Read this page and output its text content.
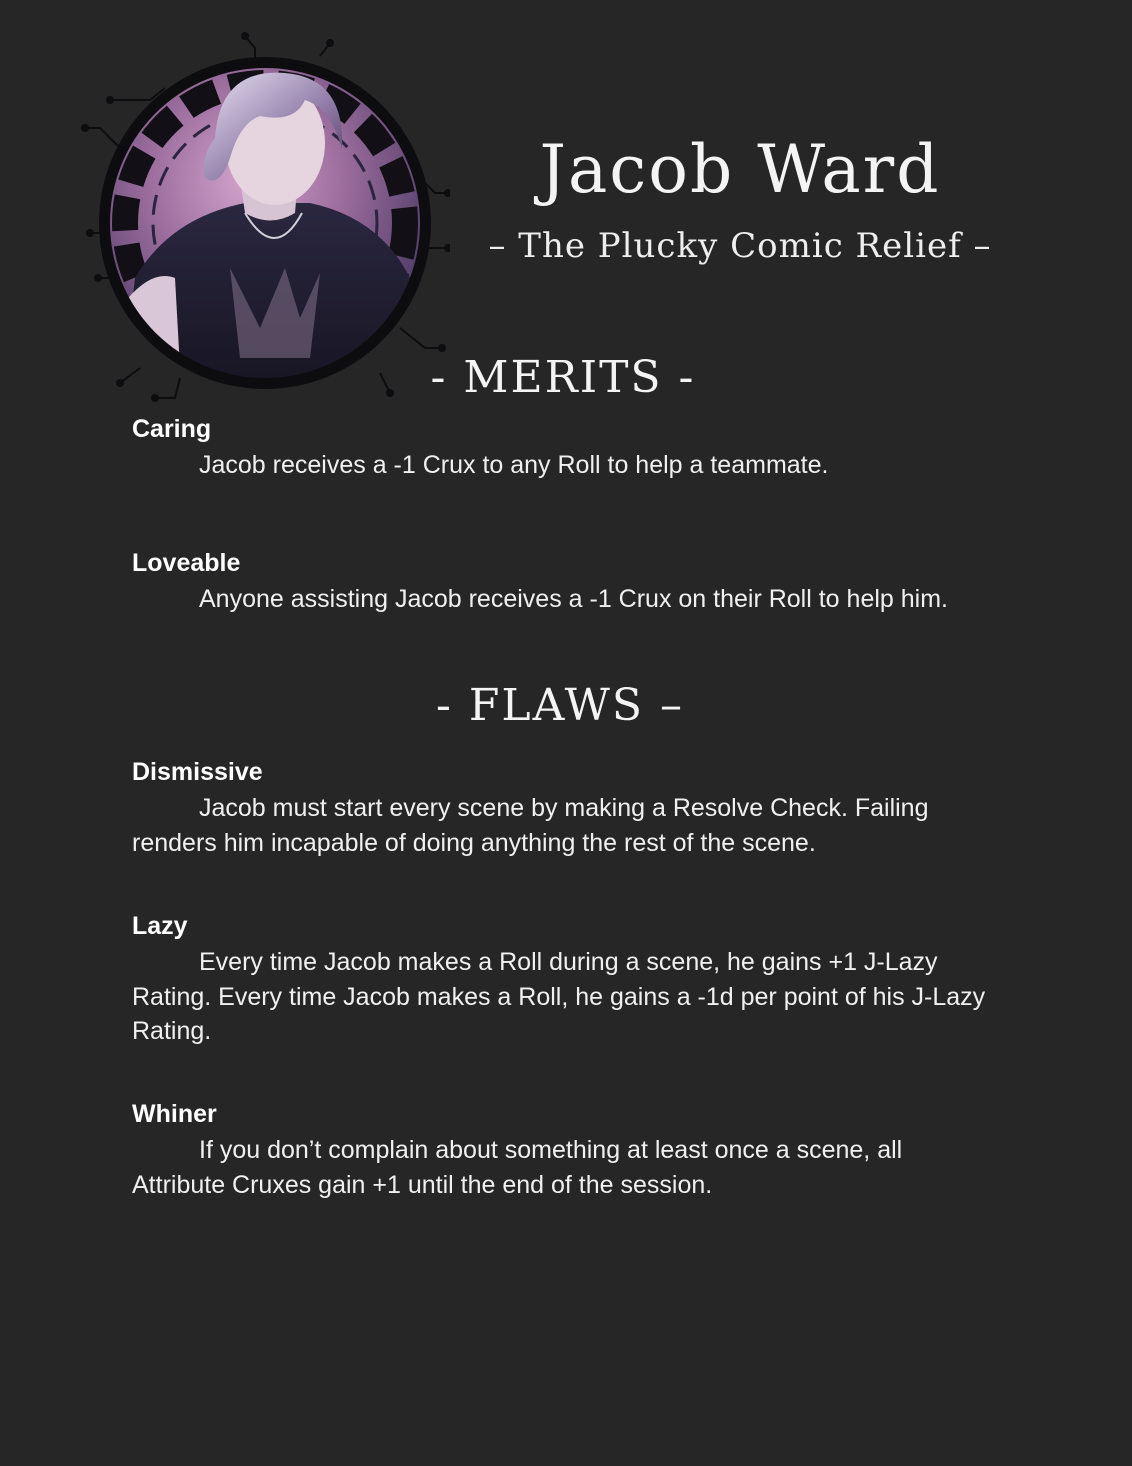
Jacob Ward
– The Plucky Comic Relief –
- MERITS -

Caring

Jacob receives a -1 Crux to any Roll to help a teammate.

Loveable

Anyone assisting Jacob receives a -1 Crux on their Roll to help him.

- FLAWS –

Dismissive

Jacob must start every scene by making a Resolve Check. Failing renders him incapable of doing anything the rest of the scene.

Lazy

Every time Jacob makes a Roll during a scene, he gains +1 J-Lazy Rating. Every time Jacob makes a Roll, he gains a -1d per point of his J-Lazy Rating.

Whiner

If you don’t complain about something at least once a scene, all Attribute Cruxes gain +1 until the end of the session.
